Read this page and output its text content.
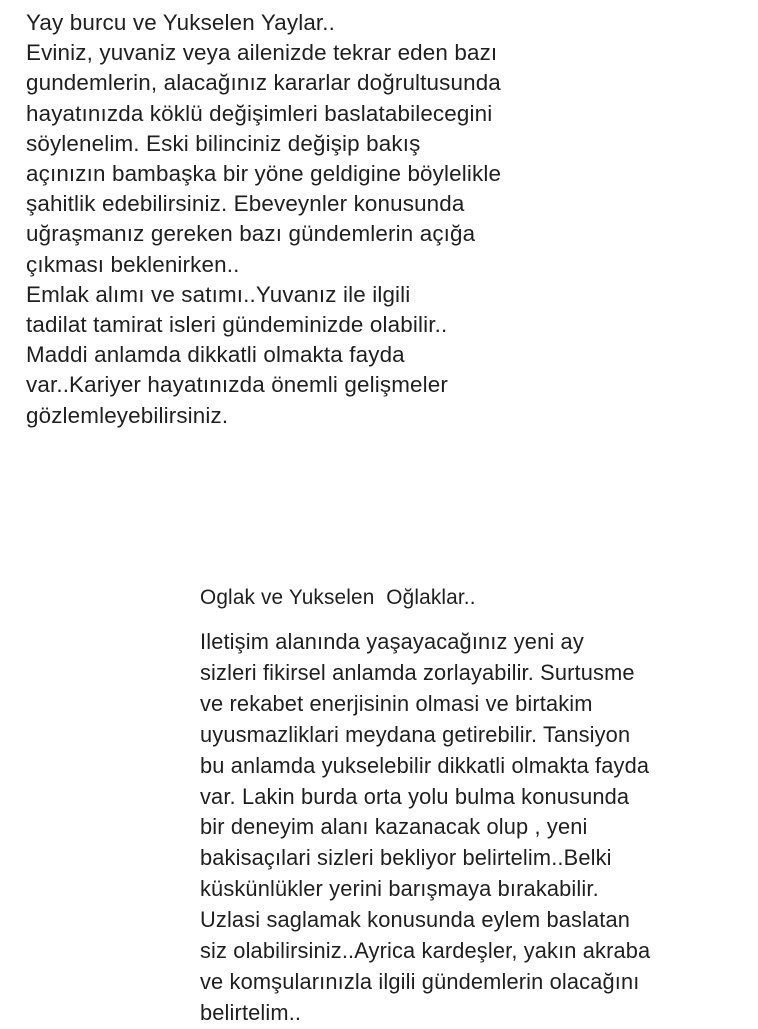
Yay burcu ve Yukselen Yaylar..
Eviniz, yuvaniz veya ailenizde tekrar eden bazı
gundemlerin, alacağınız kararlar doğrultusunda
hayatınızda köklü değişimleri baslatabilecegini
söylenelim. Eski bilinciniz değişip bakış
açınızın bambaşka bir yöne geldigine böylelikle
şahitlik edebilirsiniz. Ebeveynler konusunda
uğraşmanız gereken bazı gündemlerin açığa
çıkması beklenirken..
Emlak alımı ve satımı..Yuvanız ile ilgili
tadilat tamirat isleri gündeminizde olabilir..
Maddi anlamda dikkatli olmakta fayda
var..Kariyer hayatınızda önemli gelişmeler
gözlemleyebilirsiniz.
Oglak ve Yukselen  Oğlaklar..
Iletişim alanında yaşayacağınız yeni ay
sizleri fikirsel anlamda zorlayabilir. Surtusme
ve rekabet enerjisinin olmasi ve birtakim
uyusmazliklari meydana getirebilir. Tansiyon
bu anlamda yukselebilir dikkatli olmakta fayda
var. Lakin burda orta yolu bulma konusunda
bir deneyim alanı kazanacak olup , yeni
bakisaçılari sizleri bekliyor belirtelim..Belki
küskünlükler yerini barışmaya bırakabilir.
Uzlasi saglamak konusunda eylem baslatan
siz olabilirsiniz..Ayrica kardeşler, yakın akraba
ve komşularınızla ilgili gündemlerin olacağını
belirtelim..
